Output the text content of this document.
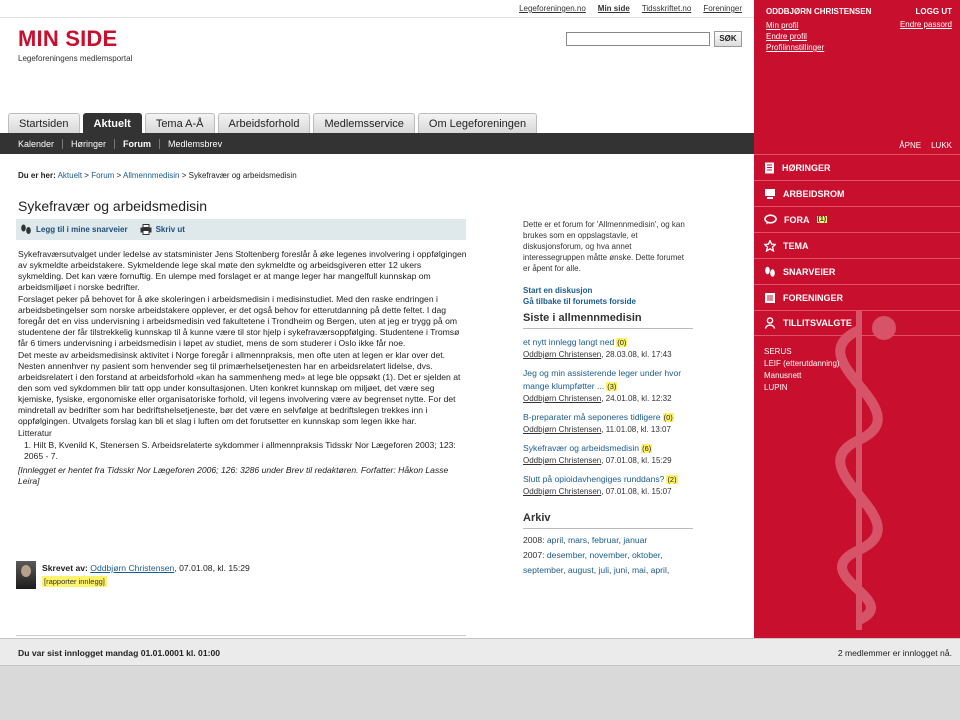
Legeforeningen.no Min side Tidsskriftet.no Foreninger
MIN SIDE
Legeforeningens medlemsportal
SØK
Startsiden	Aktuelt	Tema A-Å	Arbeidsforhold	Medlemsservice	Om Legeforeningen
Kalender	Høringer	Forum	Medlemsbrev
Du er her: Aktuelt > Forum > Allmennmedisin > Sykefravær og arbeidsmedisin
Sykefravær og arbeidsmedisin
Legg til i mine snarveier	Skriv ut

Sykefraværsutvalget under ledelse av statsminister Jens Stoltenberg foreslår å øke legenes involvering i oppfølgingen av sykmeldte arbeidstakere. Sykmeldende lege skal møte den sykmeldte og arbeidsgiveren etter 12 ukers sykmelding. Det kan være fornuftig. En ulempe med forslaget er at mange leger har mangelfull kunnskap om arbeidsmiljøet i norske bedrifter.

Forslaget peker på behovet for å øke skoleringen i arbeidsmedisin i medisinstudiet. Med den raske endringen i arbeidsbetingelser som norske arbeidstakere opplever, er det også behov for etterutdanning på dette feltet. I dag foregår det en viss undervisning i arbeidsmedisin ved fakultetene i Trondheim og Bergen, uten at jeg er trygg på om studentene der får tilstrekkelig kunnskap til å kunne være til stor hjelp i sykefraværsoppfølging. Studentene i Tromsø får 6 timers undervisning i arbeidsmedisin i løpet av studiet, mens de som studerer i Oslo ikke får noe.

Det meste av arbeidsmedisinsk aktivitet i Norge foregår i allmennpraksis, men ofte uten at legen er klar over det. Nesten annenhver ny pasient som henvender seg til primærhelsetjenesten har en arbeidsrelatert lidelse, dvs. arbeidsrelatert i den forstand at arbeidsforhold «kan ha sammenheng med» at lege ble oppsøkt (1). Det er sjelden at den som ved sykdommen blir tatt opp under konsultasjonen. Uten konkret kunnskap om miljøet, det være seg kjemiske, fysiske, ergonomiske eller organisatoriske forhold, vil legens involvering være av begrenset nytte. For det mindretall av bedrifter som har bedriftshelsetjeneste, bør det være en selvfølge at bedriftslegen trekkes inn i oppfølgingen. Utvalgets forslag kan bli et slag i luften om det forutsetter en kunnskap som legen ikke har.

Litteratur

1. Hilt B, Kvenild K, Stenersen S. Arbeidsrelaterte sykdommer i allmennpraksis Tidsskr Nor Lægeforen 2003; 123: 2065 - 7.

[Innlegget er hentet fra Tidsskr Nor Lægeforen 2006; 126: 3286 under Brev til redaktøren. Forfatter: Håkon Lasse Leira]

Skrevet av: Oddbjørn Christensen, 07.01.08, kl. 15:29
[rapporter innlegg]
Dette er et forum for 'Allmennmedisin', og kan brukes som en oppslagstavle, et diskusjonsforum, og hva annet interessegruppen måtte ønske. Dette forumet er åpent for alle.
Start en diskusjon
Gå tilbake til forumets forside
Siste i allmennmedisin
et nytt innlegg langt ned (0)
Oddbjørn Christensen, 28.03.08, kl. 17:43
Jeg og min assisterende leger under hvor mange klumpføtter ... (3)
Oddbjørn Christensen, 24.01.08, kl. 12:32
B-preparater må seponeres tidligere (0)
Oddbjørn Christensen, 11.01.08, kl. 13:07
Sykefravær og arbeidsmedisin (6)
Oddbjørn Christensen, 07.01.08, kl. 15:29
Slutt på opioidavhengiges runddans? (2)
Oddbjørn Christensen, 07.01.08, kl. 15:07
Arkiv
2008: april, mars, februar, januar
2007: desember, november, oktober, september, august, juli, juni, mai, april,
ODDBJØRN CHRISTENSEN	LOGG UT
Min profil
Endre profil
Profilinnstillinger
Endre passord
ÅPNE LUKK
HØRINGER
ARBEIDSROM
FORA (1)
TEMA
SNARVEIER
FORENINGER
TILLITSVALGTE
SERUS
LEIF (etterutdanning)
Manusnett
LUPIN
Du var sist innlogget mandag 01.01.0001 kl. 01:00	2 medlemmer er innlogget nå.
